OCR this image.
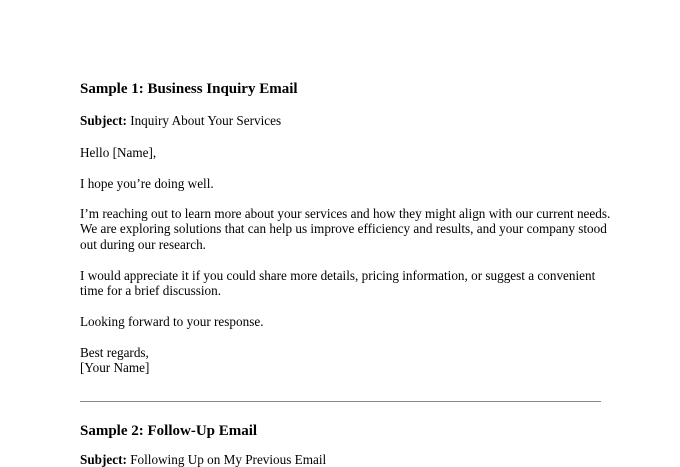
Sample 1: Business Inquiry Email

Subject: Inquiry About Your Services

Hello [Name],

I hope you’re doing well.

I’m reaching out to learn more about your services and how they might align with our current needs. We are exploring solutions that can help us improve efficiency and results, and your company stood out during our research.

I would appreciate it if you could share more details, pricing information, or suggest a convenient time for a brief discussion.

Looking forward to your response.

Best regards,

[Your Name]

Sample 2: Follow-Up Email

Subject: Following Up on My Previous Email
